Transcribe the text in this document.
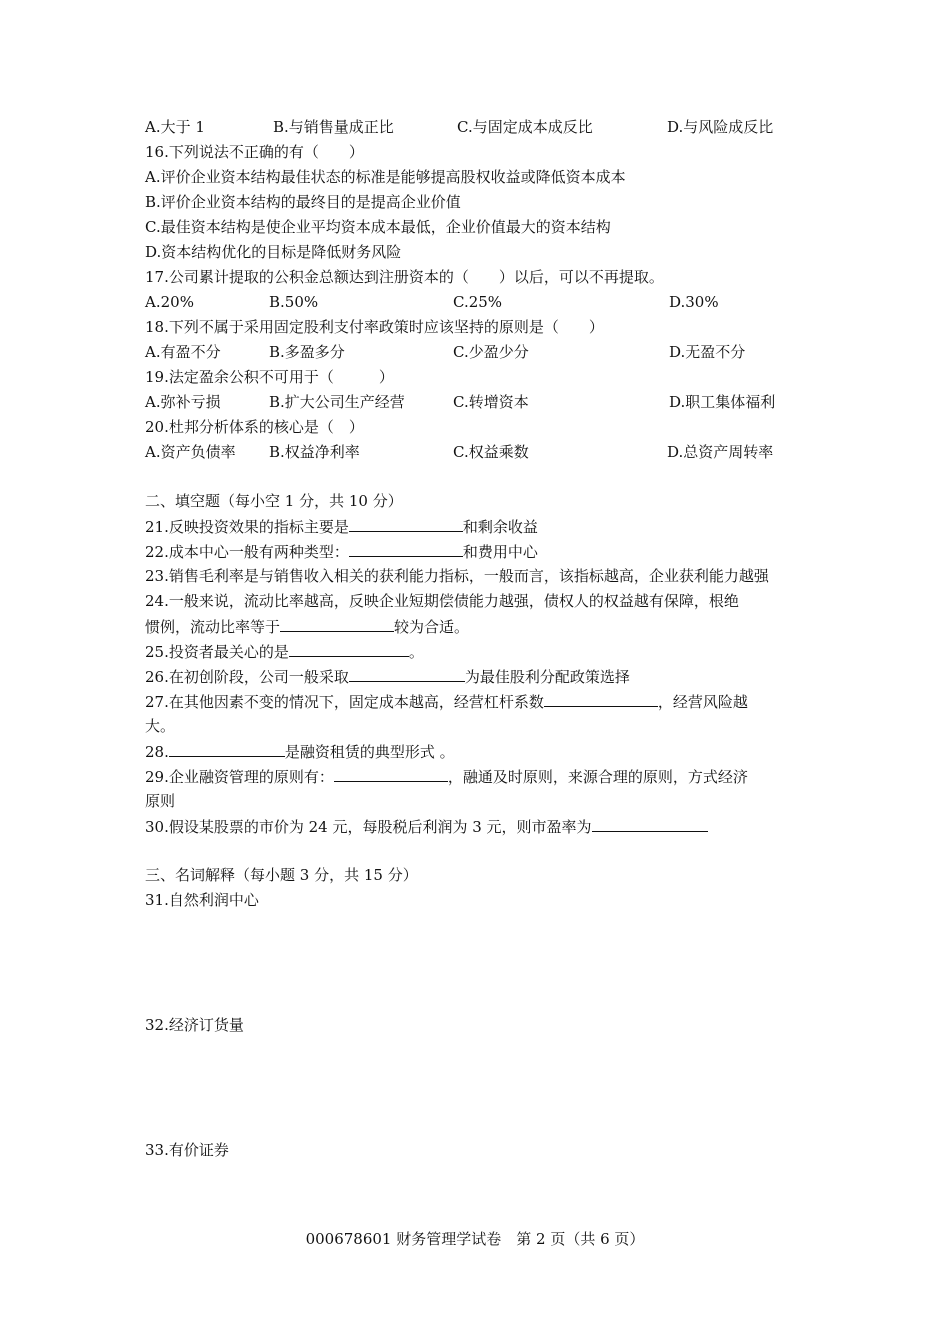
A.大于 1	B.与销售量成正比	C.与固定成本成反比	D.与风险成反比
16.下列说法不正确的有（　　）
A.评价企业资本结构最佳状态的标准是能够提高股权收益或降低资本成本
B.评价企业资本结构的最终目的是提高企业价值
C.最佳资本结构是使企业平均资本成本最低，企业价值最大的资本结构
D.资本结构优化的目标是降低财务风险
17.公司累计提取的公积金总额达到注册资本的（　　）以后，可以不再提取。
A.20%	B.50%	C.25%	D.30%
18.下列不属于采用固定股利支付率政策时应该坚持的原则是（　　）
A.有盈不分	B.多盈多分	C.少盈少分	D.无盈不分
19.法定盈余公积不可用于（　　　）
A.弥补亏损	B.扩大公司生产经营	C.转增资本	D.职工集体福利
20.杜邦分析体系的核心是（　）
A.资产负债率 B.权益净利率	C.权益乘数	D.总资产周转率
二、填空题（每小空 1 分，共 10 分）
21.反映投资效果的指标主要是	和剩余收益
22.成本中心一般有两种类型：	和费用中心
23.销售毛利率是与销售收入相关的获利能力指标，一般而言，该指标越高，企业获利能力越强
24.一般来说，流动比率越高，反映企业短期偿债能力越强，债权人的权益越有保障，根绝
惯例，流动比率等于	较为合适。
25.投资者最关心的是	。
26.在初创阶段，公司一般采取	为最佳股利分配政策选择
27.在其他因素不变的情况下，固定成本越高，经营杠杆系数	，经营风险越
大。
28.	是融资租赁的典型形式 。
29.企业融资管理的原则有：	，融通及时原则，来源合理的原则，方式经济
原则
30.假设某股票的市价为 24 元，每股税后利润为 3 元，则市盈率为
三、名词解释（每小题 3 分，共 15 分）
31.自然利润中心
32.经济订货量
33.有价证券
000678601 财务管理学试卷　第 2 页（共 6 页）
